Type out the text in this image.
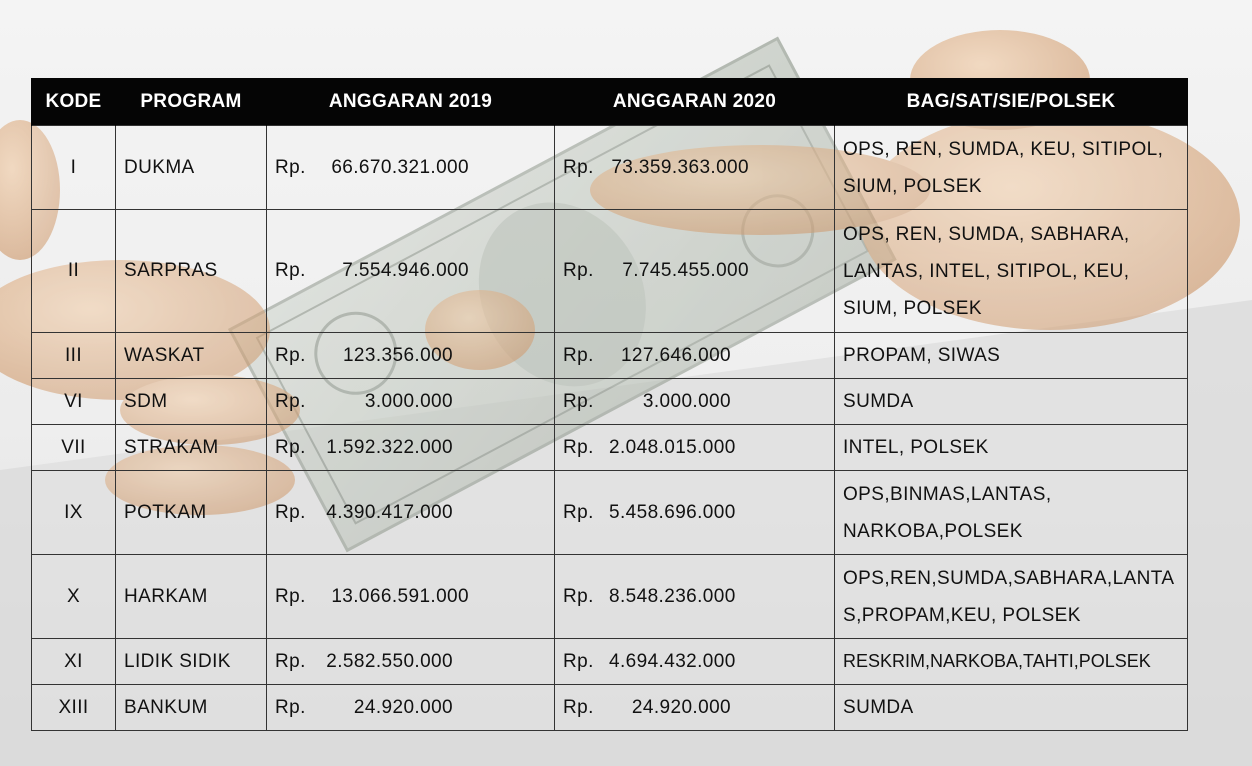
KODE	PROGRAM	ANGGARAN 2019	ANGGARAN 2020	BAG/SAT/SIE/POLSEK
I	DUKMA	Rp. 66.670.321.000	Rp. 73.359.363.000	OPS, REN, SUMDA, KEU, SITIPOL, SIUM, POLSEK
II	SARPRAS	Rp. 7.554.946.000	Rp. 7.745.455.000	OPS, REN, SUMDA, SABHARA, LANTAS, INTEL, SITIPOL, KEU, SIUM, POLSEK
III	WASKAT	Rp. 123.356.000	Rp. 127.646.000	PROPAM, SIWAS
VI	SDM	Rp. 3.000.000	Rp. 3.000.000	SUMDA
VII	STRAKAM	Rp. 1.592.322.000	Rp. 2.048.015.000	INTEL, POLSEK
IX	POTKAM	Rp. 4.390.417.000	Rp. 5.458.696.000	OPS,BINMAS,LANTAS, NARKOBA,POLSEK
X	HARKAM	Rp. 13.066.591.000	Rp. 8.548.236.000	OPS,REN,SUMDA,SABHARA,LANTAS,PROPAM,KEU, POLSEK
XI	LIDIK SIDIK	Rp. 2.582.550.000	Rp. 4.694.432.000	RESKRIM,NARKOBA,TAHTI,POLSEK
XIII	BANKUM	Rp. 24.920.000	Rp. 24.920.000	SUMDA
